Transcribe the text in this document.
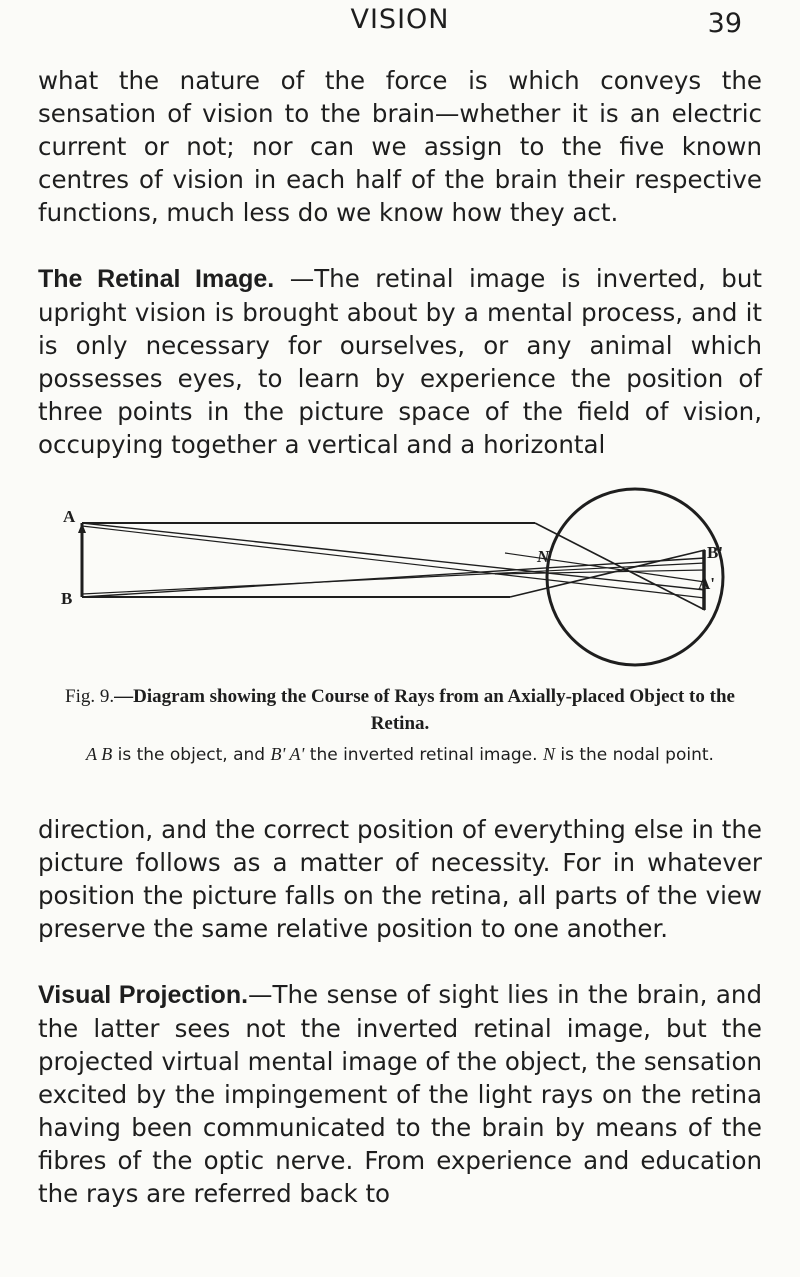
VISION	39

what the nature of the force is which conveys the sensation of vision to the brain—whether it is an electric current or not; nor can we assign to the five known centres of vision in each half of the brain their respective functions, much less do we know how they act.

The Retinal Image. —The retinal image is inverted, but upright vision is brought about by a mental process, and it is only necessary for ourselves, or any animal which possesses eyes, to learn by experience the position of three points in the picture space of the field of vision, occupying together a vertical and a horizontal

A
B
N	B'
A'
Fig. 9.—Diagram showing the Course of Rays from an Axially-placed Object to the Retina.
A B is the object, and B' A' the inverted retinal image. N is the nodal point.

direction, and the correct position of everything else in the picture follows as a matter of necessity. For in whatever position the picture falls on the retina, all parts of the view preserve the same relative position to one another.

Visual Projection.—The sense of sight lies in the brain, and the latter sees not the inverted retinal image, but the projected virtual mental image of the object, the sensation excited by the impingement of the light rays on the retina having been communicated to the brain by means of the fibres of the optic nerve. From experience and education the rays are referred back to
